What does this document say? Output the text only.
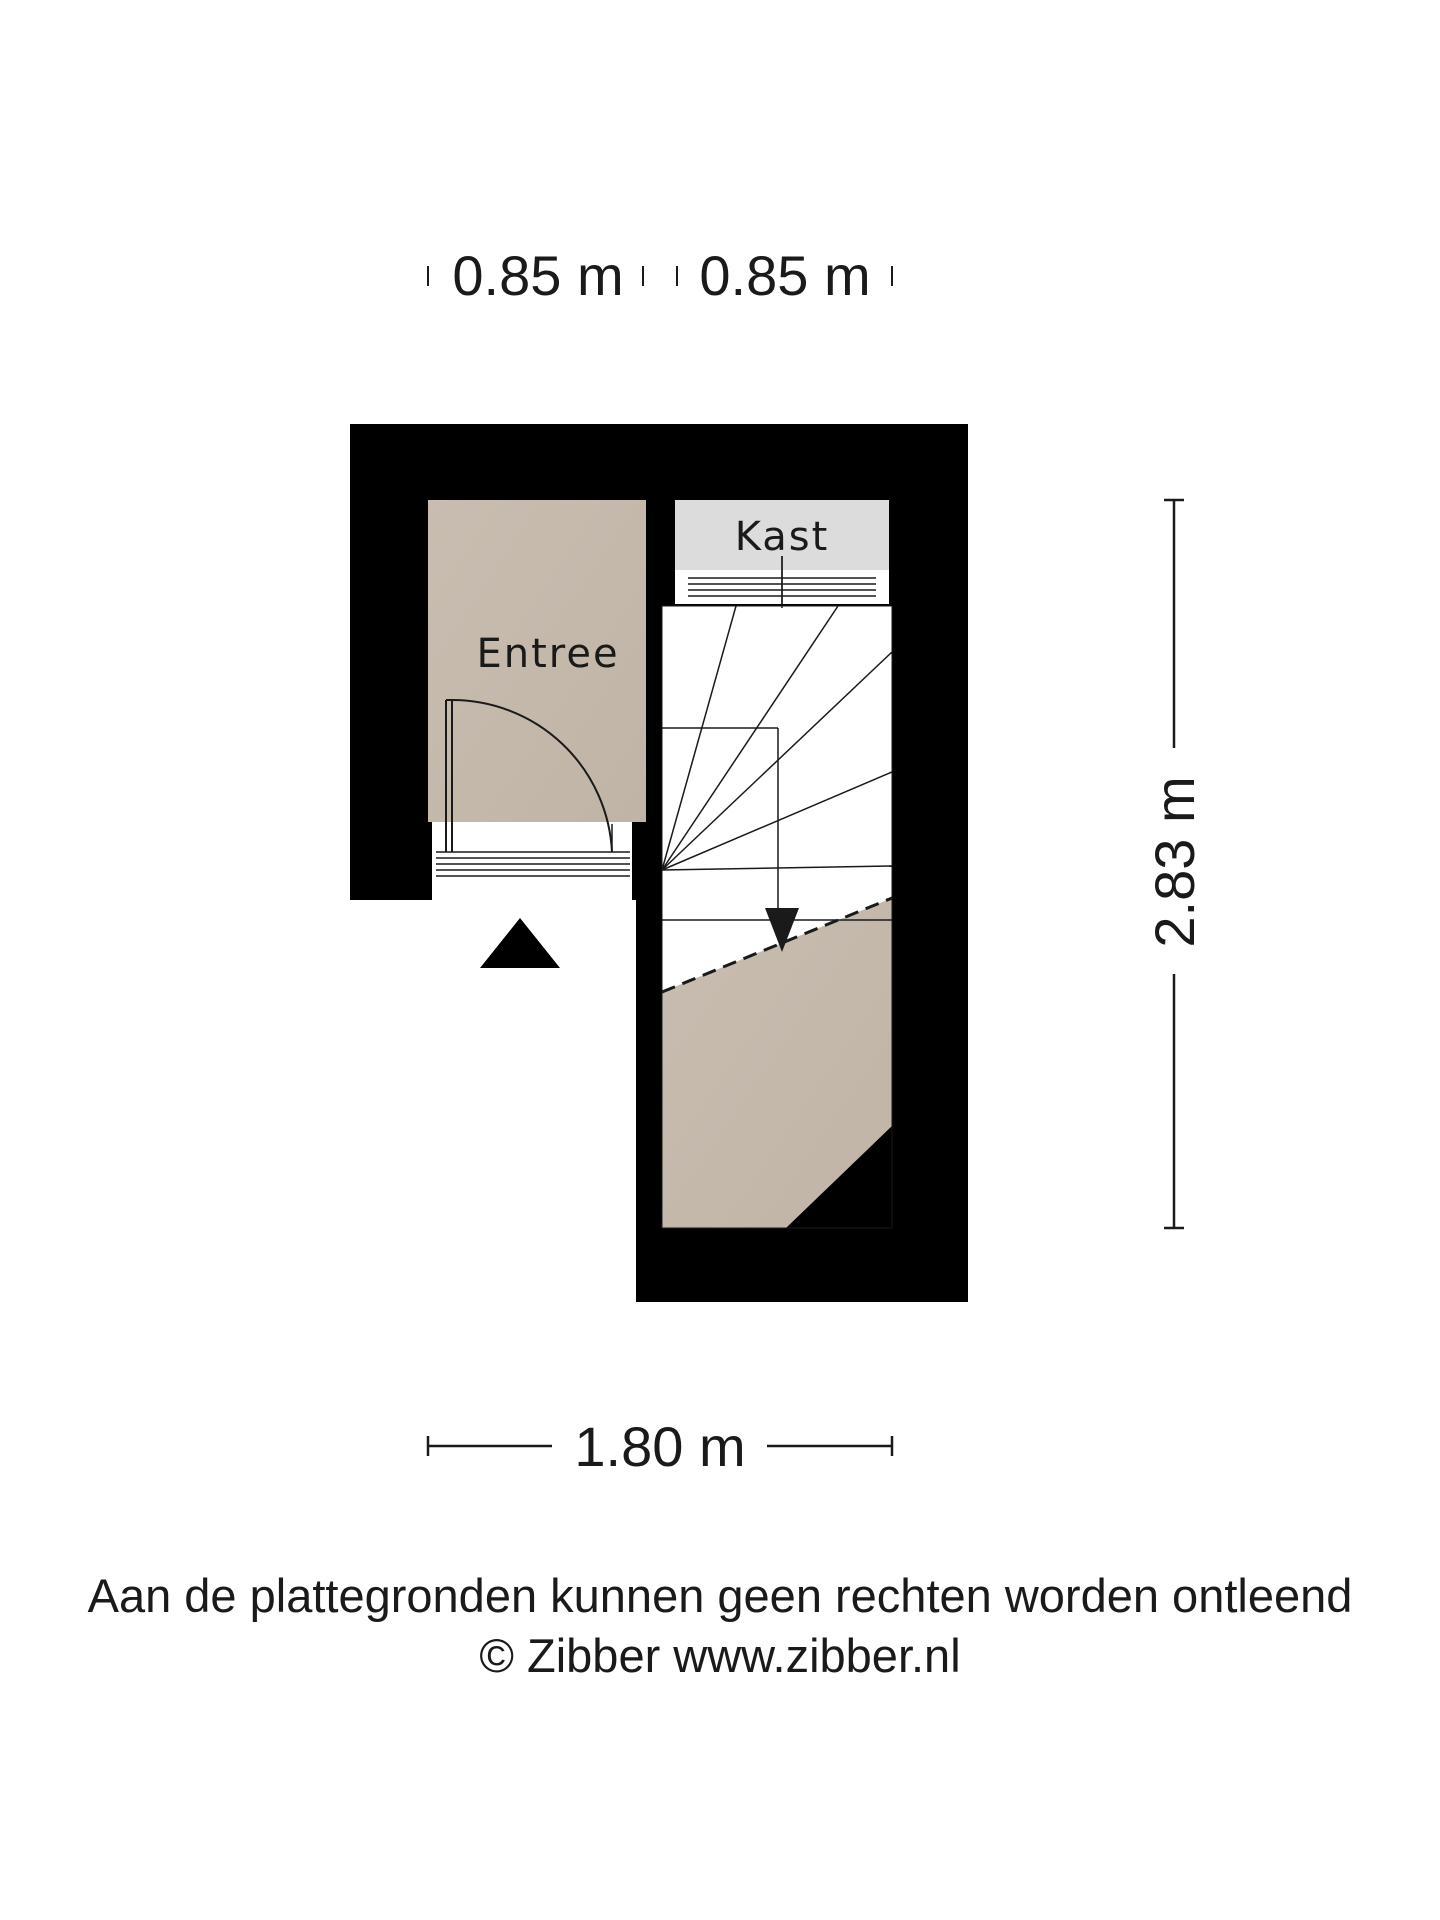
0.85 m 0.85 m
2.83 m
1.80 m
Entree
Kast
Aan de plattegronden kunnen geen rechten worden ontleend
© Zibber www.zibber.nl
